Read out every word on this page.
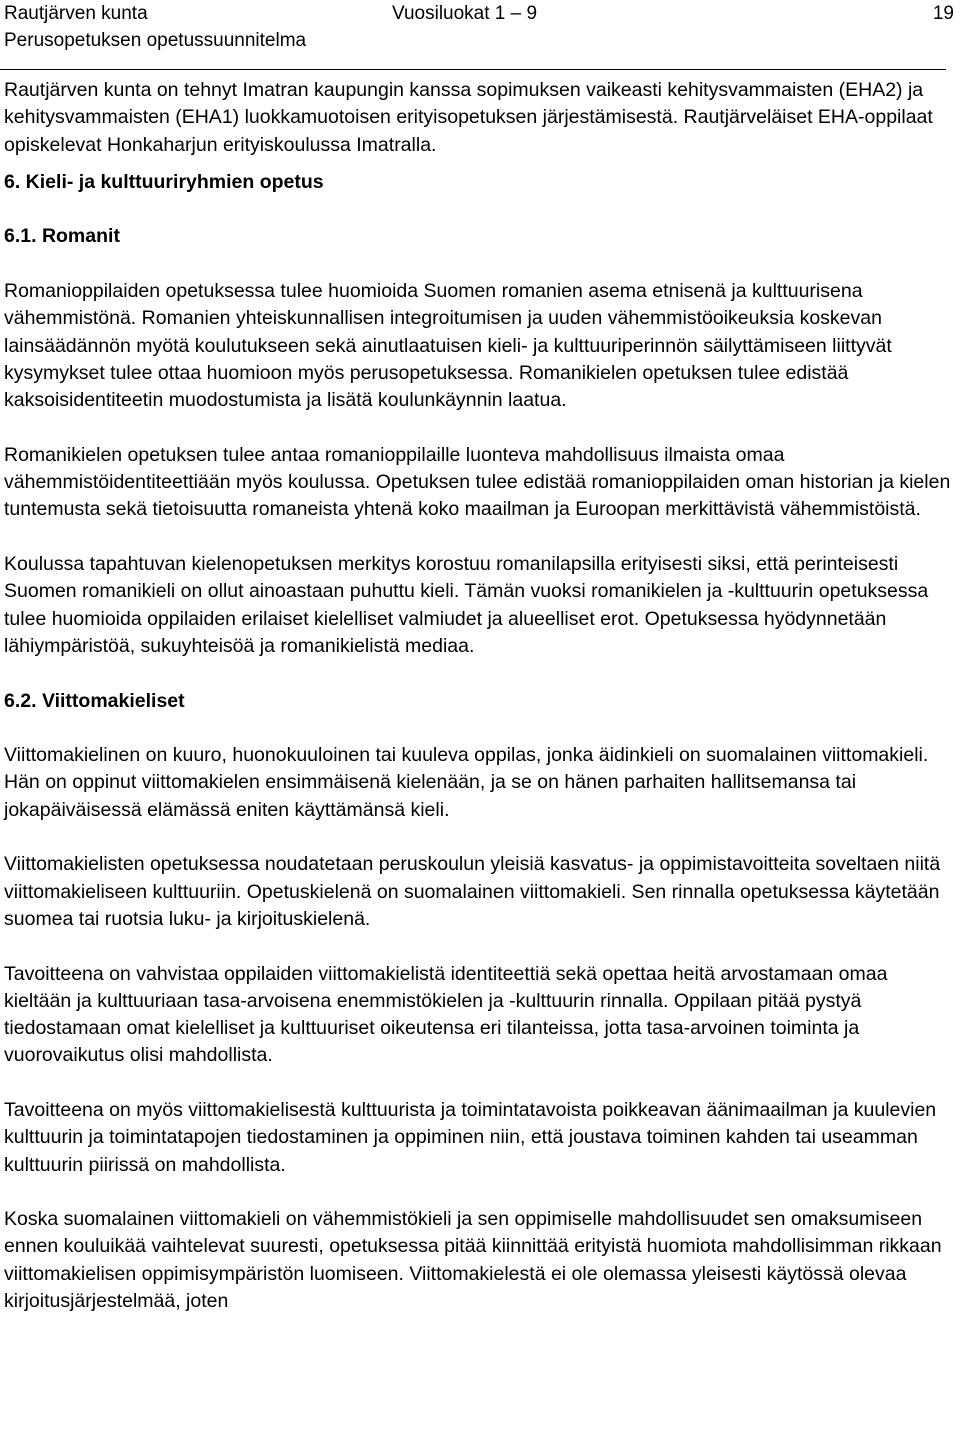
Rautjärven kunta
Perusopetuksen opetussuunnitelma
Vuosiluokat 1 – 9	19

Rautjärven kunta on tehnyt Imatran kaupungin kanssa sopimuksen vaikeasti kehitysvammaisten (EHA2) ja kehitysvammaisten (EHA1) luokkamuotoisen erityisopetuksen järjestämisestä. Rautjärveläiset EHA-oppilaat opiskelevat Honkaharjun erityiskoulussa Imatralla.

6. Kieli- ja kulttuuriryhmien opetus
6.1. Romanit

Romanioppilaiden opetuksessa tulee huomioida Suomen romanien asema etnisenä ja kulttuurisena vähemmistönä. Romanien yhteiskunnallisen integroitumisen ja uuden vähemmistöoikeuksia koskevan lainsäädännön myötä koulutukseen sekä ainutlaatuisen kieli- ja kulttuuriperinnön säilyttämiseen liittyvät kysymykset tulee ottaa huomioon myös perusopetuksessa. Romanikielen opetuksen tulee edistää kaksoisidentiteetin muodostumista ja lisätä koulunkäynnin laatua.

Romanikielen opetuksen tulee antaa romanioppilaille luonteva mahdollisuus ilmaista omaa vähemmistöidentiteettiään myös koulussa. Opetuksen tulee edistää romanioppilaiden oman historian ja kielen tuntemusta sekä tietoisuutta romaneista yhtenä koko maailman ja Euroopan merkittävistä vähemmistöistä.

Koulussa tapahtuvan kielenopetuksen merkitys korostuu romanilapsilla erityisesti siksi, että perinteisesti Suomen romanikieli on ollut ainoastaan puhuttu kieli. Tämän vuoksi romanikielen ja -kulttuurin opetuksessa tulee huomioida oppilaiden erilaiset kielelliset valmiudet ja alueelliset erot. Opetuksessa hyödynnetään lähiympäristöä, sukuyhteisöä ja romanikielistä mediaa.

6.2. Viittomakieliset

Viittomakielinen on kuuro, huonokuuloinen tai kuuleva oppilas, jonka äidinkieli on suomalainen viittomakieli. Hän on oppinut viittomakielen ensimmäisenä kielenään, ja se on hänen parhaiten hallitsemansa tai jokapäiväisessä elämässä eniten käyttämänsä kieli.

Viittomakielisten opetuksessa noudatetaan peruskoulun yleisiä kasvatus- ja oppimistavoitteita soveltaen niitä viittomakieliseen kulttuuriin. Opetuskielenä on suomalainen viittomakieli. Sen rinnalla opetuksessa käytetään suomea tai ruotsia luku- ja kirjoituskielenä.

Tavoitteena on vahvistaa oppilaiden viittomakielistä identiteettiä sekä opettaa heitä arvostamaan omaa kieltään ja kulttuuriaan tasa-arvoisena enemmistökielen ja -kulttuurin rinnalla. Oppilaan pitää pystyä tiedostamaan omat kielelliset ja kulttuuriset oikeutensa eri tilanteissa, jotta tasa-arvoinen toiminta ja vuorovaikutus olisi mahdollista.

Tavoitteena on myös viittomakielisestä kulttuurista ja toimintatavoista poikkeavan äänimaailman ja kuulevien kulttuurin ja toimintatapojen tiedostaminen ja oppiminen niin, että joustava toiminen kahden tai useamman kulttuurin piirissä on mahdollista.

Koska suomalainen viittomakieli on vähemmistökieli ja sen oppimiselle mahdollisuudet sen omaksumiseen ennen kouluikää vaihtelevat suuresti, opetuksessa pitää kiinnittää erityistä huomiota mahdollisimman rikkaan viittomakielisen oppimisympäristön luomiseen. Viittomakielestä ei ole olemassa yleisesti käytössä olevaa kirjoitusjärjestelmää, joten
